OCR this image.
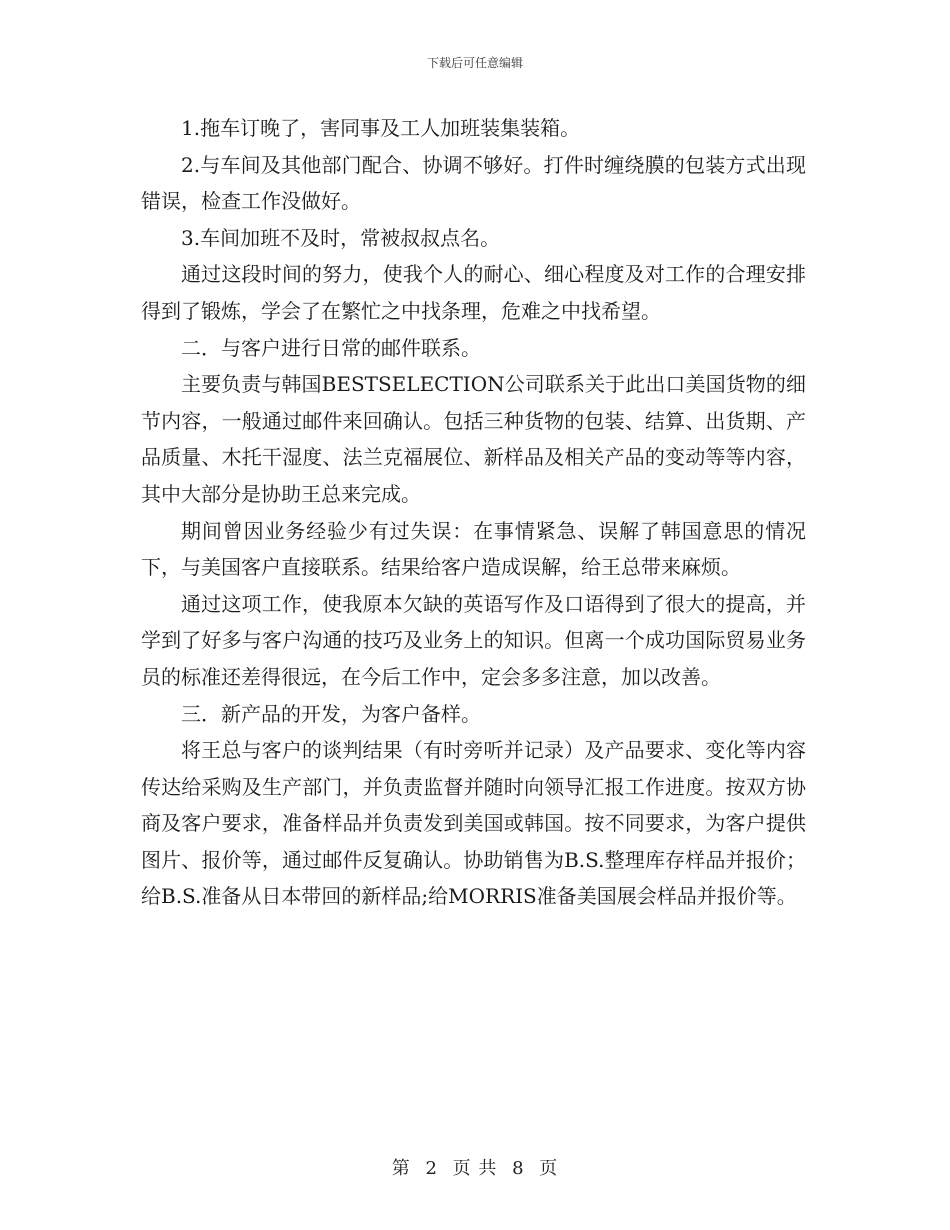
下载后可任意编辑

1.拖车订晚了，害同事及工人加班装集装箱。

2.与车间及其他部门配合、协调不够好。打件时缠绕膜的包装方式出现错误，检查工作没做好。

3.车间加班不及时，常被叔叔点名。

通过这段时间的努力，使我个人的耐心、细心程度及对工作的合理安排得到了锻炼，学会了在繁忙之中找条理，危难之中找希望。

二．与客户进行日常的邮件联系。

主要负责与韩国BESTSELECTION公司联系关于此出口美国货物的细节内容，一般通过邮件来回确认。包括三种货物的包装、结算、出货期、产品质量、木托干湿度、法兰克福展位、新样品及相关产品的变动等等内容，其中大部分是协助王总来完成。

期间曾因业务经验少有过失误：在事情紧急、误解了韩国意思的情况下，与美国客户直接联系。结果给客户造成误解，给王总带来麻烦。

通过这项工作，使我原本欠缺的英语写作及口语得到了很大的提高，并学到了好多与客户沟通的技巧及业务上的知识。但离一个成功国际贸易业务员的标准还差得很远，在今后工作中，定会多多注意，加以改善。

三．新产品的开发，为客户备样。

将王总与客户的谈判结果（有时旁听并记录）及产品要求、变化等内容传达给采购及生产部门，并负责监督并随时向领导汇报工作进度。按双方协商及客户要求，准备样品并负责发到美国或韩国。按不同要求，为客户提供图片、报价等，通过邮件反复确认。协助销售为B.S.整理库存样品并报价；给B.S.准备从日本带回的新样品;给MORRIS准备美国展会样品并报价等。

第 2 页 共 8 页
